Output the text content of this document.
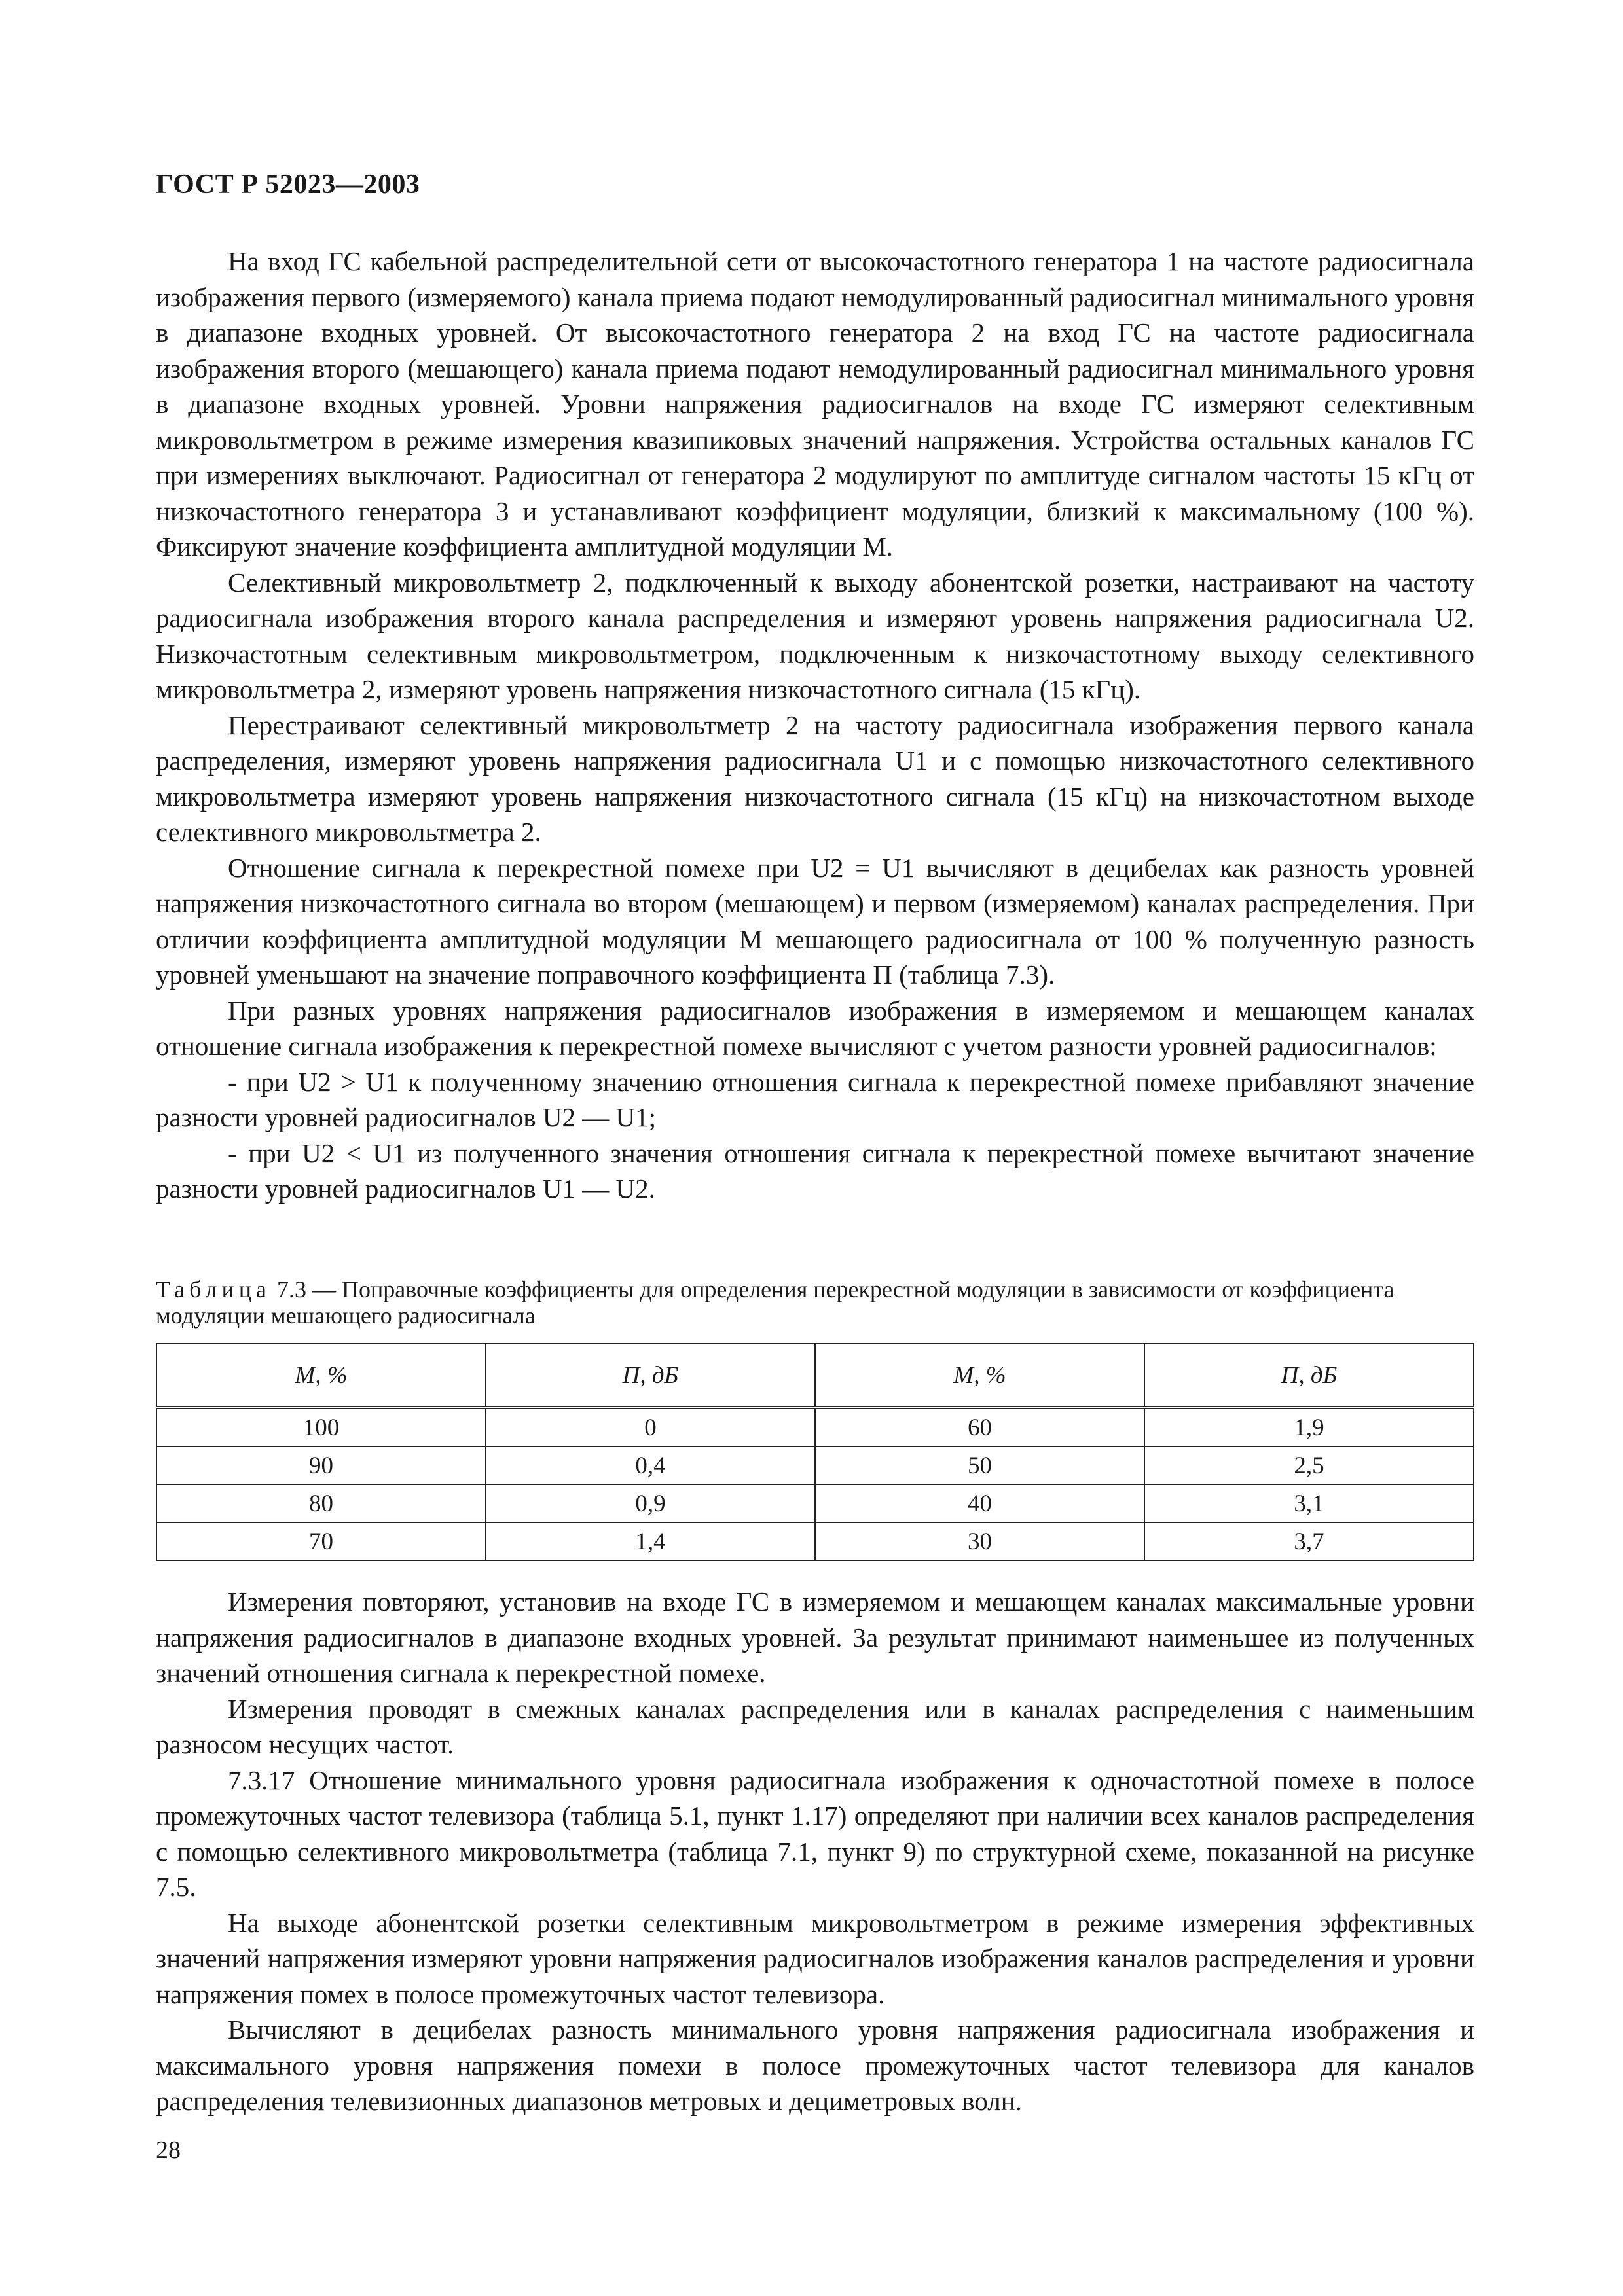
ГОСТ Р 52023—2003

На вход ГС кабельной распределительной сети от высокочастотного генератора 1 на частоте радиосигнала изображения первого (измеряемого) канала приема подают немодулированный радиосигнал минимального уровня в диапазоне входных уровней. От высокочастотного генератора 2 на вход ГС на частоте радиосигнала изображения второго (мешающего) канала приема подают немодулированный радиосигнал минимального уровня в диапазоне входных уровней. Уровни напряжения радиосигналов на входе ГС измеряют селективным микровольтметром в режиме измерения квазипиковых значений напряжения. Устройства остальных каналов ГС при измерениях выключают. Радиосигнал от генератора 2 модулируют по амплитуде сигналом частоты 15 кГц от низкочастотного генератора 3 и устанавливают коэффициент модуляции, близкий к максимальному (100 %). Фиксируют значение коэффициента амплитудной модуляции М.

Селективный микровольтметр 2, подключенный к выходу абонентской розетки, настраивают на частоту радиосигнала изображения второго канала распределения и измеряют уровень напряжения радиосигнала U2. Низкочастотным селективным микровольтметром, подключенным к низкочастотному выходу селективного микровольтметра 2, измеряют уровень напряжения низкочастотного сигнала (15 кГц).

Перестраивают селективный микровольтметр 2 на частоту радиосигнала изображения первого канала распределения, измеряют уровень напряжения радиосигнала U1 и с помощью низкочастотного селективного микровольтметра измеряют уровень напряжения низкочастотного сигнала (15 кГц) на низкочастотном выходе селективного микровольтметра 2.

Отношение сигнала к перекрестной помехе при U2 = U1 вычисляют в децибелах как разность уровней напряжения низкочастотного сигнала во втором (мешающем) и первом (измеряемом) каналах распределения. При отличии коэффициента амплитудной модуляции М мешающего радиосигнала от 100 % полученную разность уровней уменьшают на значение поправочного коэффициента П (таблица 7.3).

При разных уровнях напряжения радиосигналов изображения в измеряемом и мешающем каналах отношение сигнала изображения к перекрестной помехе вычисляют с учетом разности уровней радиосигналов:

- при U2 > U1 к полученному значению отношения сигнала к перекрестной помехе прибавляют значение разности уровней радиосигналов U2 — U1;

- при U2 < U1 из полученного значения отношения сигнала к перекрестной помехе вычитают значение разности уровней радиосигналов U1 — U2.

Таблица 7.3 — Поправочные коэффициенты для определения перекрестной модуляции в зависимости от коэффициента модуляции мешающего радиосигнала
М, %	П, дБ	М, %	П, дБ
100	0	60	1,9
90	0,4	50	2,5
80	0,9	40	3,1
70	1,4	30	3,7

Измерения повторяют, установив на входе ГС в измеряемом и мешающем каналах максимальные уровни напряжения радиосигналов в диапазоне входных уровней. За результат принимают наименьшее из полученных значений отношения сигнала к перекрестной помехе.

Измерения проводят в смежных каналах распределения или в каналах распределения с наименьшим разносом несущих частот.

7.3.17 Отношение минимального уровня радиосигнала изображения к одночастотной помехе в полосе промежуточных частот телевизора (таблица 5.1, пункт 1.17) определяют при наличии всех каналов распределения с помощью селективного микровольтметра (таблица 7.1, пункт 9) по структурной схеме, показанной на рисунке 7.5.

На выходе абонентской розетки селективным микровольтметром в режиме измерения эффективных значений напряжения измеряют уровни напряжения радиосигналов изображения каналов распределения и уровни напряжения помех в полосе промежуточных частот телевизора.

Вычисляют в децибелах разность минимального уровня напряжения радиосигнала изображения и максимального уровня напряжения помехи в полосе промежуточных частот телевизора для каналов распределения телевизионных диапазонов метровых и дециметровых волн.

28
